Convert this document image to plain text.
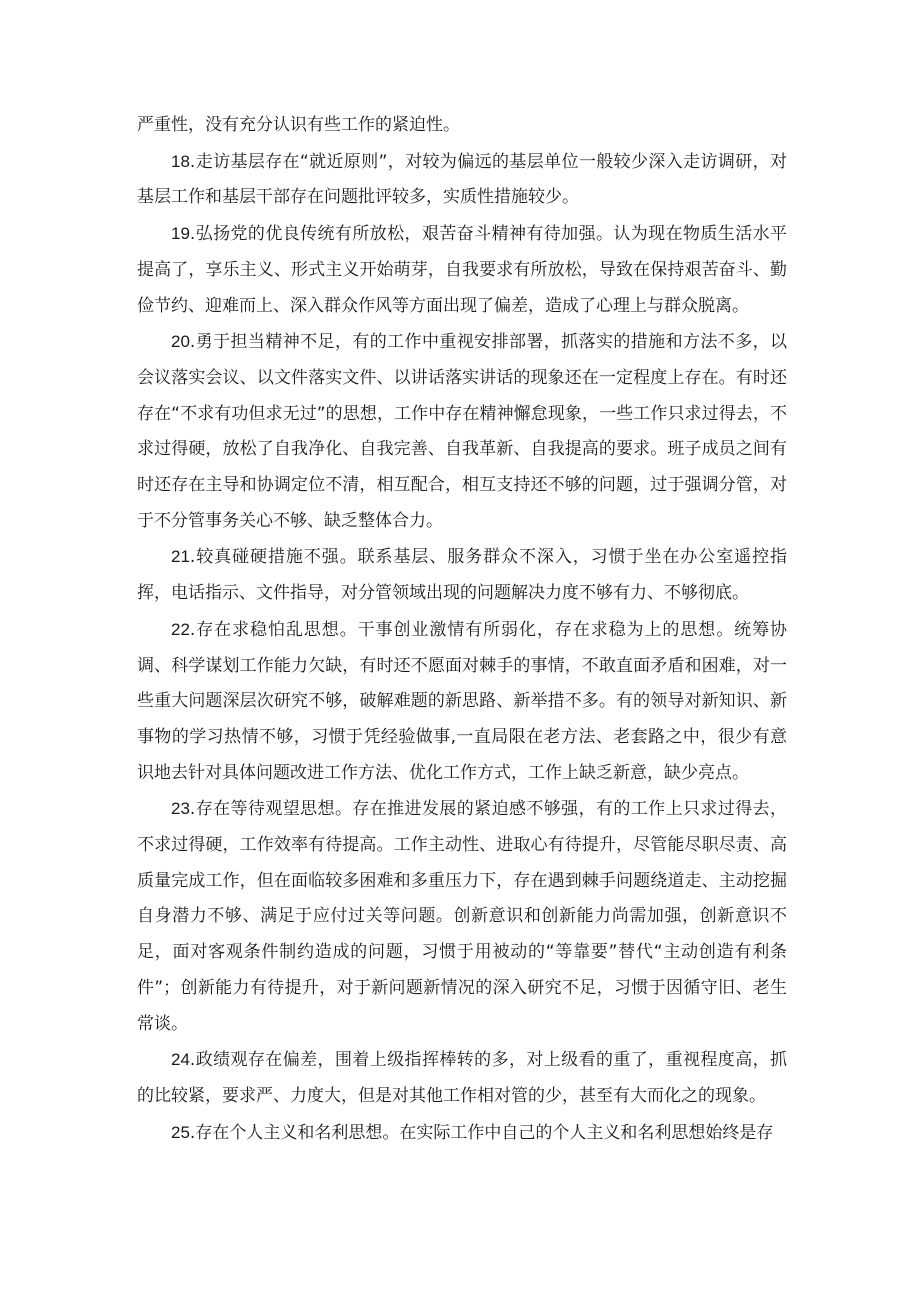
严重性，没有充分认识有些工作的紧迫性。

18.走访基层存在“就近原则”，对较为偏远的基层单位一般较少深入走访调研，对基层工作和基层干部存在问题批评较多，实质性措施较少。

19.弘扬党的优良传统有所放松，艰苦奋斗精神有待加强。认为现在物质生活水平提高了，享乐主义、形式主义开始萌芽，自我要求有所放松，导致在保持艰苦奋斗、勤俭节约、迎难而上、深入群众作风等方面出现了偏差，造成了心理上与群众脱离。

20.勇于担当精神不足，有的工作中重视安排部署，抓落实的措施和方法不多，以会议落实会议、以文件落实文件、以讲话落实讲话的现象还在一定程度上存在。有时还存在“不求有功但求无过”的思想，工作中存在精神懈怠现象，一些工作只求过得去，不求过得硬，放松了自我净化、自我完善、自我革新、自我提高的要求。班子成员之间有时还存在主导和协调定位不清，相互配合，相互支持还不够的问题，过于强调分管，对于不分管事务关心不够、缺乏整体合力。

21.较真碰硬措施不强。联系基层、服务群众不深入，习惯于坐在办公室遥控指挥，电话指示、文件指导，对分管领域出现的问题解决力度不够有力、不够彻底。

22.存在求稳怕乱思想。干事创业激情有所弱化，存在求稳为上的思想。统筹协调、科学谋划工作能力欠缺，有时还不愿面对棘手的事情，不敢直面矛盾和困难，对一些重大问题深层次研究不够，破解难题的新思路、新举措不多。有的领导对新知识、新事物的学习热情不够，习惯于凭经验做事,一直局限在老方法、老套路之中，很少有意识地去针对具体问题改进工作方法、优化工作方式，工作上缺乏新意，缺少亮点。

23.存在等待观望思想。存在推进发展的紧迫感不够强，有的工作上只求过得去，不求过得硬，工作效率有待提高。工作主动性、进取心有待提升，尽管能尽职尽责、高质量完成工作，但在面临较多困难和多重压力下，存在遇到棘手问题绕道走、主动挖掘自身潜力不够、满足于应付过关等问题。创新意识和创新能力尚需加强，创新意识不足，面对客观条件制约造成的问题，习惯于用被动的“等靠要”替代“主动创造有利条件”；创新能力有待提升，对于新问题新情况的深入研究不足，习惯于因循守旧、老生常谈。

24.政绩观存在偏差，围着上级指挥棒转的多，对上级看的重了，重视程度高，抓的比较紧，要求严、力度大，但是对其他工作相对管的少，甚至有大而化之的现象。

25.存在个人主义和名利思想。在实际工作中自己的个人主义和名利思想始终是存
